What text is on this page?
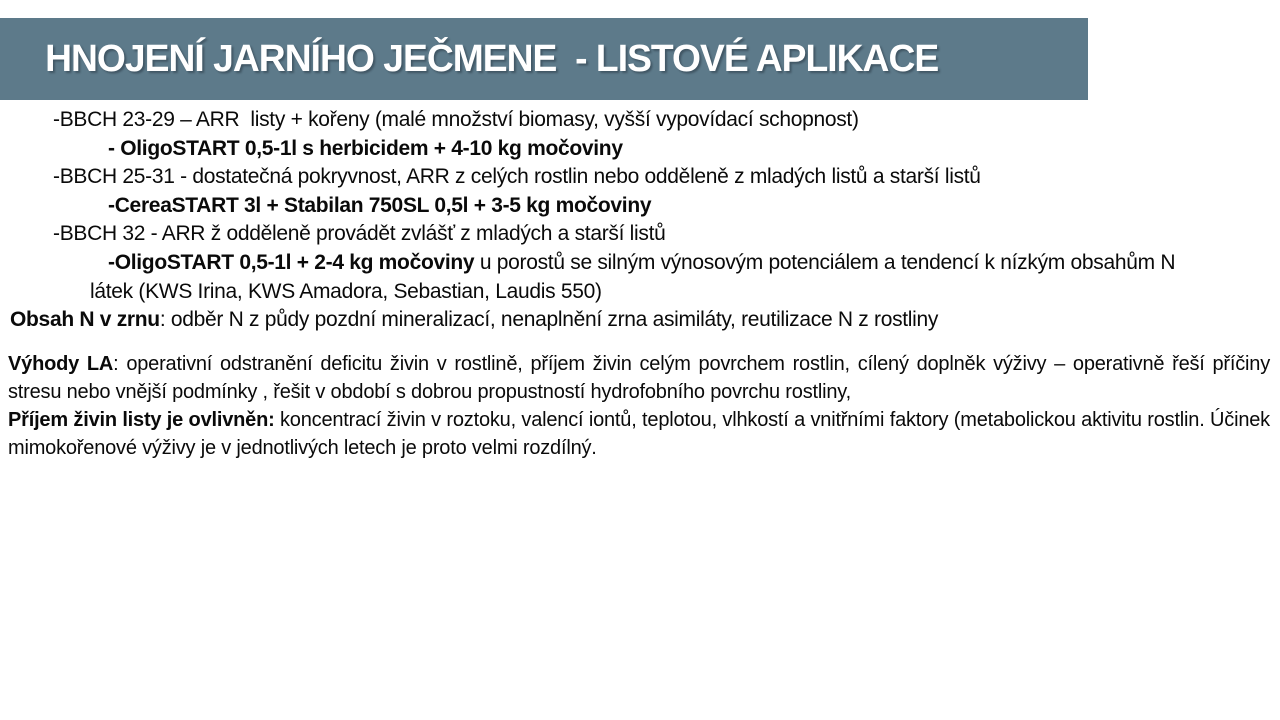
HNOJENÍ JARNÍHO JEČMENE  - LISTOVÉ APLIKACE
-BBCH 23-29 – ARR  listy + kořeny (malé množství biomasy, vyšší vypovídací schopnost)
- OligoSTART 0,5-1l s herbicidem + 4-10 kg močoviny
-BBCH 25-31 - dostatečná pokryvnost, ARR z celých rostlin nebo odděleně z mladých listů a starší listů
-CereaSTART 3l + Stabilan 750SL 0,5l + 3-5 kg močoviny
-BBCH 32 - ARR ž odděleně provádět zvlášť z mladých a starší listů
-OligoSTART 0,5-1l + 2-4 kg močoviny u porostů se silným výnosovým potenciálem a tendencí k nízkým obsahům N
látek (KWS Irina, KWS Amadora, Sebastian, Laudis 550)
Obsah N v zrnu: odběr N z půdy pozdní mineralizací, nenaplnění zrna asimiláty, reutilizace N z rostliny
Výhody LA: operativní odstranění deficitu živin v rostlině, příjem živin celým povrchem rostlin, cílený doplněk výživy – operativně řeší příčiny stresu nebo vnější podmínky , řešit v období s dobrou propustností hydrofobního povrchu rostliny,
Příjem živin listy je ovlivněn: koncentrací živin v roztoku, valencí iontů, teplotou, vlhkostí a vnitřními faktory (metabolickou aktivitu rostlin. Účinek mimokořenové výživy je v jednotlivých letech je proto velmi rozdílný.
